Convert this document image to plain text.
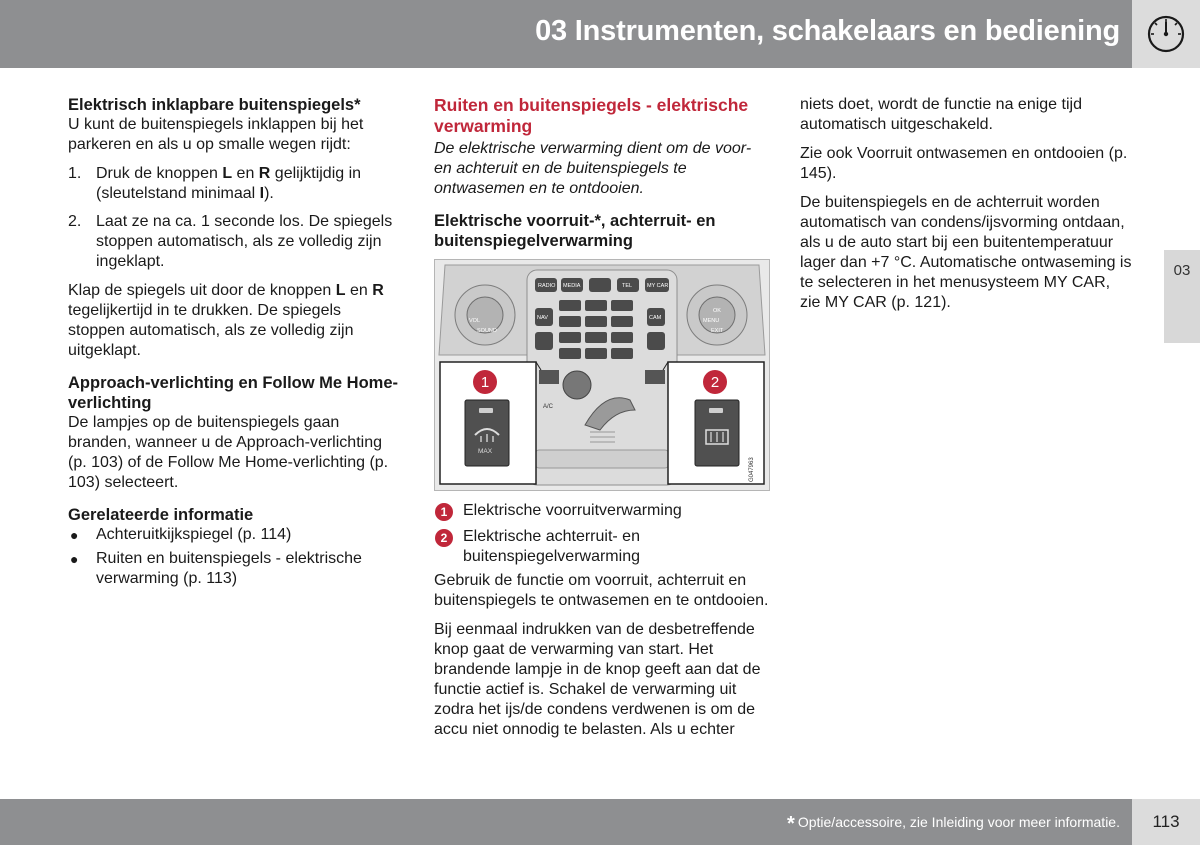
03 Instrumenten, schakelaars en bediening
03
Elektrisch inklapbare buitenspiegels*

U kunt de buitenspiegels inklappen bij het parkeren en als u op smalle wegen rijdt:

1. Druk de knoppen L en R gelijktijdig in (sleutelstand minimaal I).
2. Laat ze na ca. 1 seconde los. De spiegels stoppen automatisch, als ze volledig zijn ingeklapt.

Klap de spiegels uit door de knoppen L en R tegelijkertijd in te drukken. De spiegels stoppen automatisch, als ze volledig zijn uitgeklapt.

Approach-verlichting en Follow Me Home-verlichting

De lampjes op de buitenspiegels gaan branden, wanneer u de Approach-verlichting (p. 103) of de Follow Me Home-verlichting (p. 103) selecteert.

Gerelateerde informatie
● Achteruitkijkspiegel (p. 114)
● Ruiten en buitenspiegels - elektrische verwarming (p. 113)
Ruiten en buitenspiegels - elektrische verwarming

De elektrische verwarming dient om de voor- en achteruit en de buitenspiegels te ontwasemen en te ontdooien.

Elektrische voorruit-*, achterruit- en buitenspiegelverwarming
RADIO MEDIA	TEL	MY CAR
NAV	CAM
VOL
SOUND	EXIT
OK
MENU
A/C
MAX
1	2
G047963
1 Elektrische voorruitverwarming
2 Elektrische achterruit- en buitenspiegelverwarming

Gebruik de functie om voorruit, achterruit en buitenspiegels te ontwasemen en te ontdooien.

Bij eenmaal indrukken van de desbetreffende knop gaat de verwarming van start. Het brandende lampje in de knop geeft aan dat de functie actief is. Schakel de verwarming uit zodra het ijs/de condens verdwenen is om de accu niet onnodig te belasten. Als u echter

niets doet, wordt de functie na enige tijd automatisch uitgeschakeld.

Zie ook Voorruit ontwasemen en ontdooien (p. 145).

De buitenspiegels en de achterruit worden automatisch van condens/ijsvorming ontdaan, als u de auto start bij een buitentemperatuur lager dan +7 °C. Automatische ontwaseming is te selecteren in het menusysteem MY CAR, zie MY CAR (p. 121).

* Optie/accessoire, zie Inleiding voor meer informatie.	113
